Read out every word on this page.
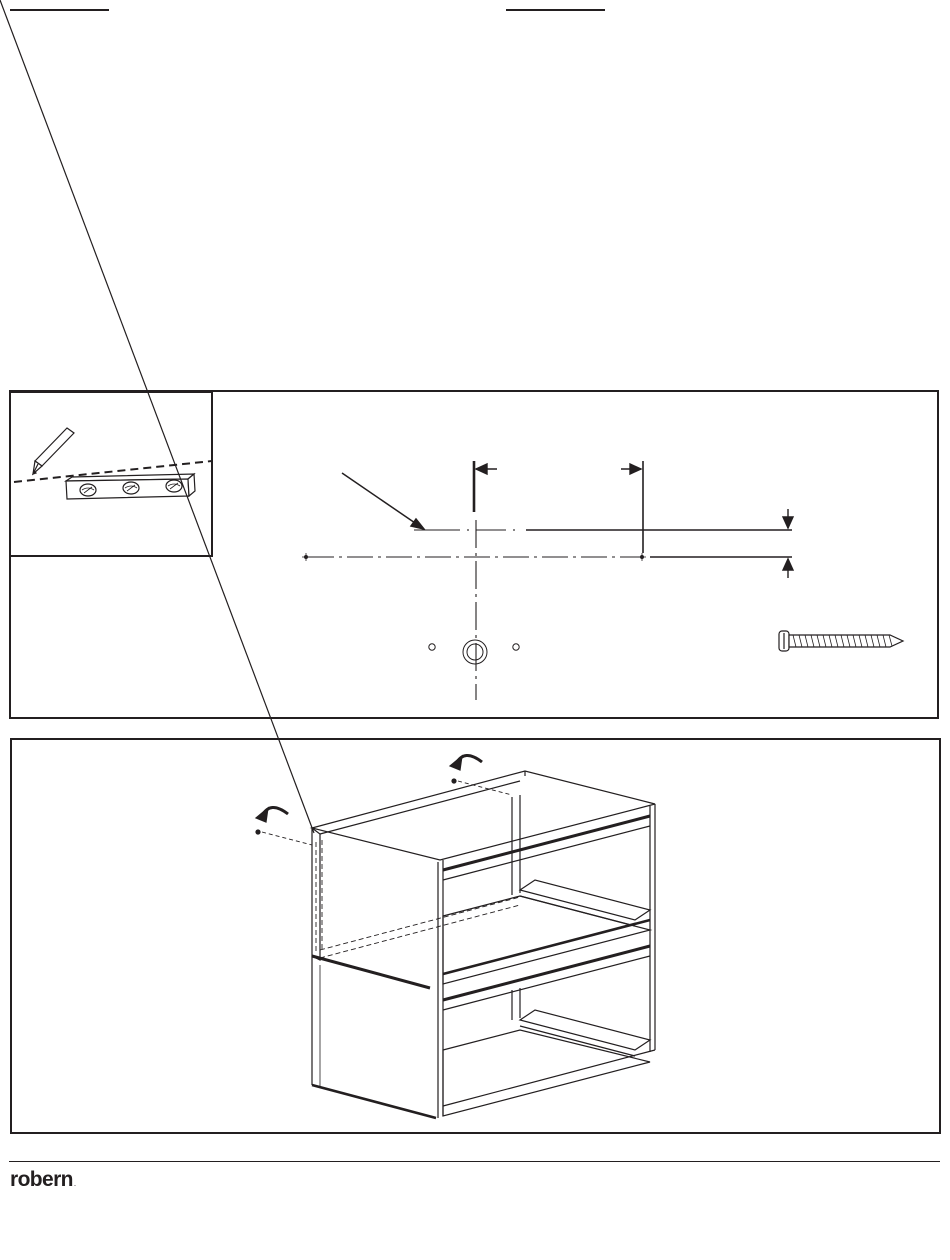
robern.
